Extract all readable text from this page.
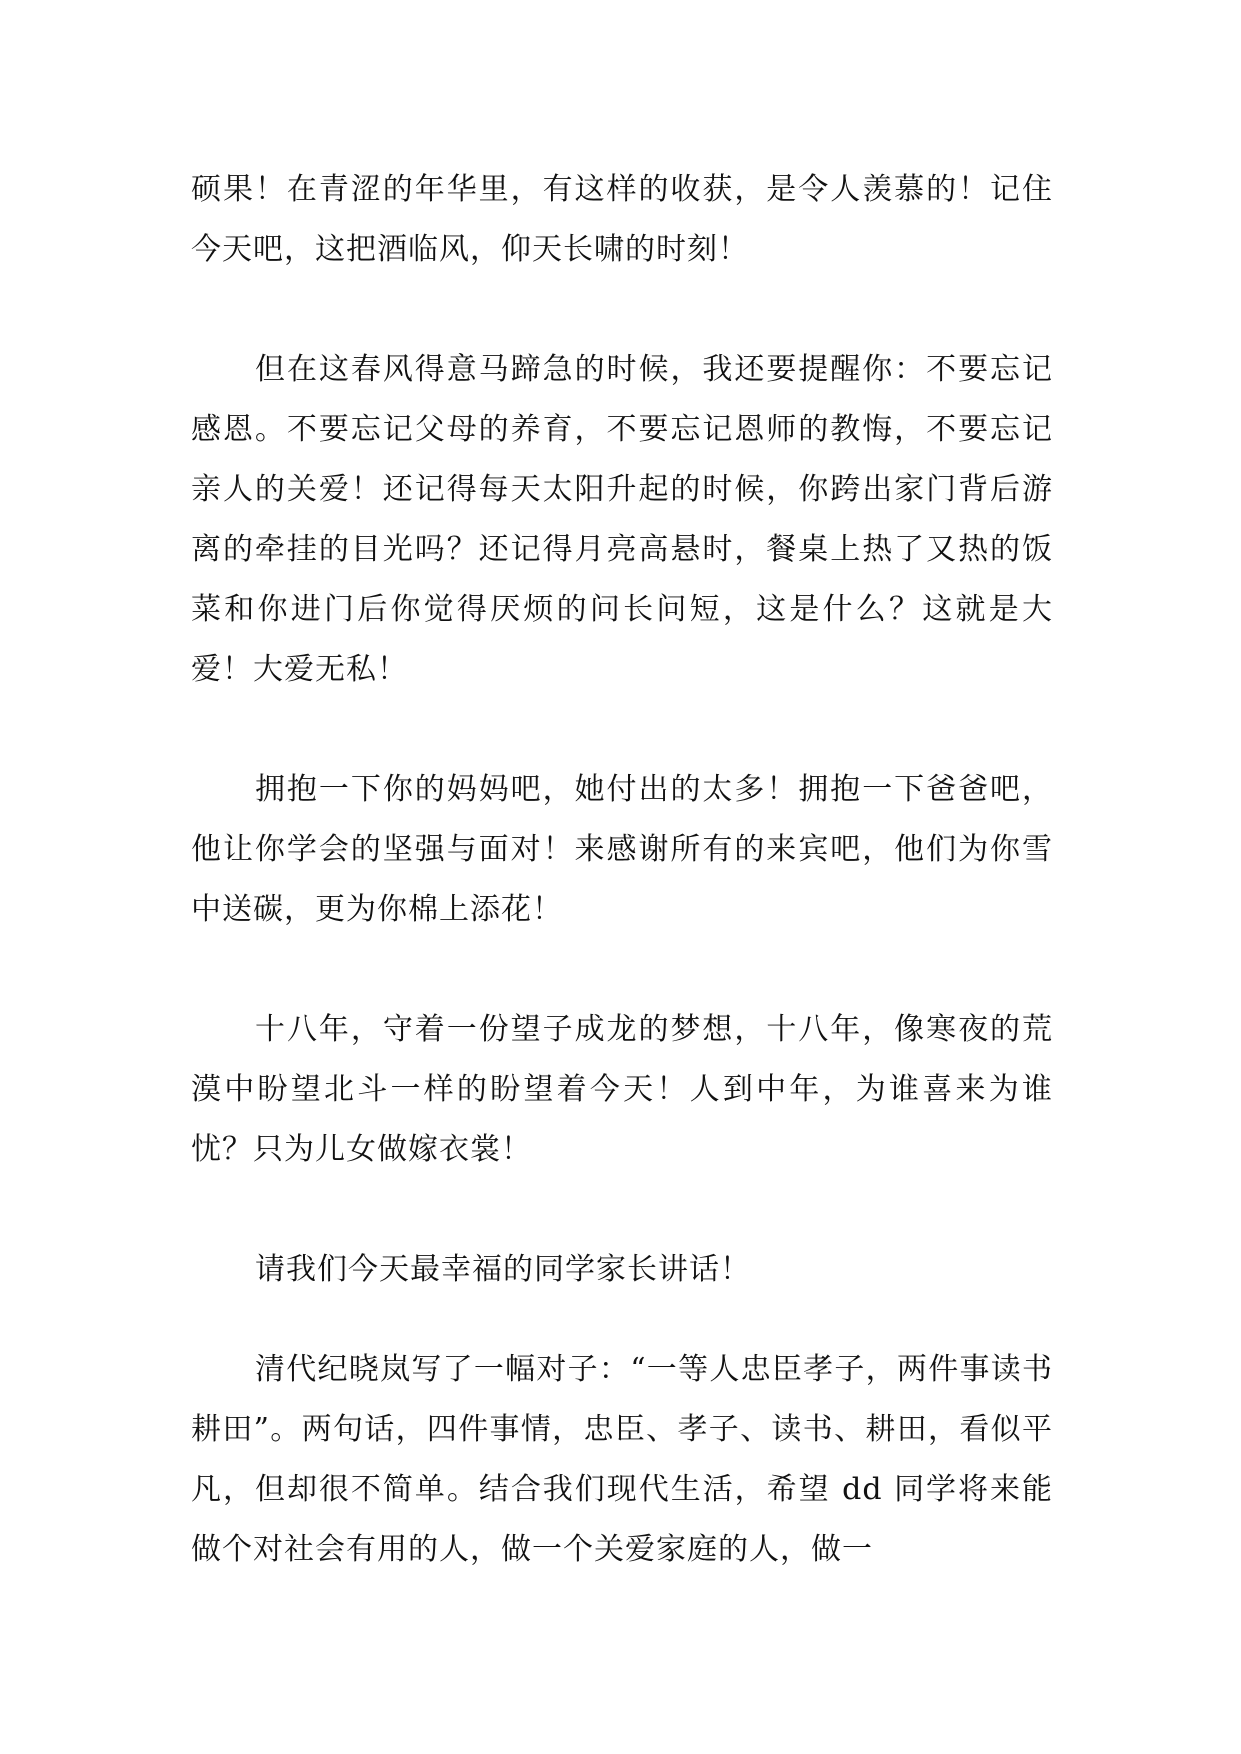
硕果！在青涩的年华里，有这样的收获，是令人羡慕的！记住今天吧，这把酒临风，仰天长啸的时刻！

但在这春风得意马蹄急的时候，我还要提醒你：不要忘记感恩。不要忘记父母的养育，不要忘记恩师的教悔，不要忘记亲人的关爱！还记得每天太阳升起的时候，你跨出家门背后游离的牵挂的目光吗？还记得月亮高悬时，餐桌上热了又热的饭菜和你进门后你觉得厌烦的问长问短，这是什么？这就是大爱！大爱无私！

拥抱一下你的妈妈吧，她付出的太多！拥抱一下爸爸吧，他让你学会的坚强与面对！来感谢所有的来宾吧，他们为你雪中送碳，更为你棉上添花！

十八年，守着一份望子成龙的梦想，十八年，像寒夜的荒漠中盼望北斗一样的盼望着今天！人到中年，为谁喜来为谁忧？只为儿女做嫁衣裳！

请我们今天最幸福的同学家长讲话！

清代纪晓岚写了一幅对子：“一等人忠臣孝子，两件事读书耕田”。两句话，四件事情，忠臣、孝子、读书、耕田，看似平凡，但却很不简单。结合我们现代生活，希望 dd 同学将来能做个对社会有用的人，做一个关爱家庭的人，做一
